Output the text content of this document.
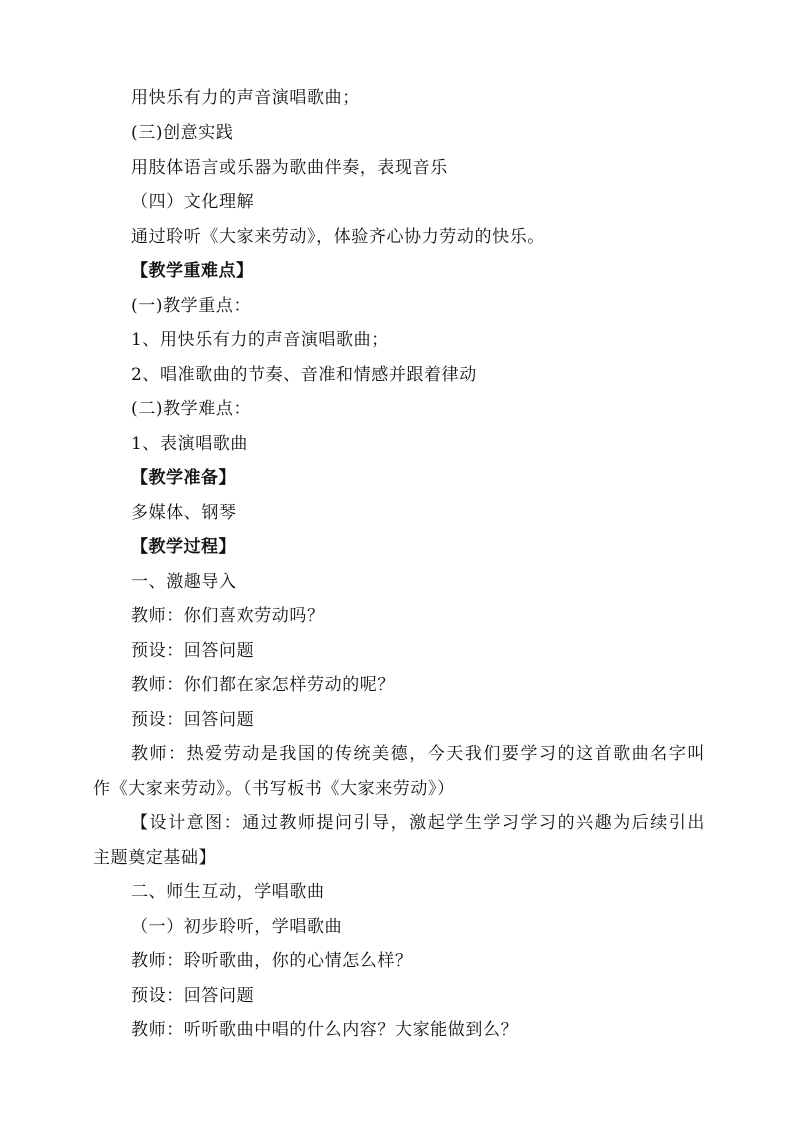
用快乐有力的声音演唱歌曲；
(三)创意实践
用肢体语言或乐器为歌曲伴奏，表现音乐
（四）文化理解
通过聆听《大家来劳动》，体验齐心协力劳动的快乐。
【教学重难点】
(一)教学重点：
1、用快乐有力的声音演唱歌曲；
2、唱准歌曲的节奏、音准和情感并跟着律动
(二)教学难点：
1、表演唱歌曲
【教学准备】
多媒体、钢琴
【教学过程】
一、激趣导入
教师：你们喜欢劳动吗？
预设：回答问题
教师：你们都在家怎样劳动的呢？
预设：回答问题
教师：热爱劳动是我国的传统美德，今天我们要学习的这首歌曲名字叫
作《大家来劳动》。（书写板书《大家来劳动》）
【设计意图：通过教师提问引导，激起学生学习学习的兴趣为后续引出
主题奠定基础】
二、师生互动，学唱歌曲
（一）初步聆听，学唱歌曲
教师：聆听歌曲，你的心情怎么样？
预设：回答问题
教师：听听歌曲中唱的什么内容？大家能做到么？
